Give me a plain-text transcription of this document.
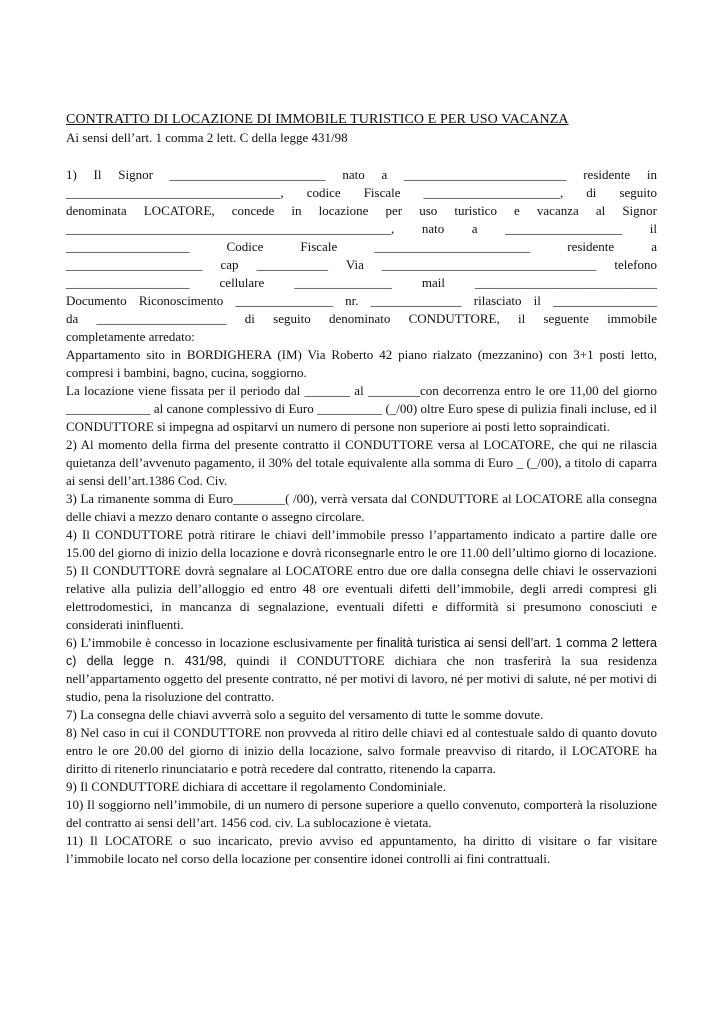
CONTRATTO DI LOCAZIONE DI IMMOBILE TURISTICO E PER USO VACANZA
Ai sensi dell’art. 1 comma 2 lett. C della legge 431/98
1) Il Signor ________________________ nato a _________________________ residente in
_________________________________, codice Fiscale _____________________, di seguito
denominata LOCATORE, concede in locazione per uso turistico e vacanza al Signor
__________________________________________________, nato a __________________ il
___________________ Codice Fiscale ________________________ residente a
_____________________ cap ___________ Via _________________________________ telefono
___________________ cellulare _______________ mail ____________________________
Documento Riconoscimento _______________ nr. ______________ rilasciato il ________________
da ____________________ di seguito denominato CONDUTTORE, il seguente immobile
completamente arredato:
Appartamento sito in BORDIGHERA (IM) Via Roberto 42 piano rialzato (mezzanino) con 3+1 posti letto, compresi i bambini, bagno, cucina, soggiorno.
La locazione viene fissata per il periodo dal _______ al ________con decorrenza entro le ore 11,00 del giorno _____________ al canone complessivo di Euro __________ (_/00) oltre Euro spese di pulizia finali incluse, ed il CONDUTTORE si impegna ad ospitarvi un numero di persone non superiore ai posti letto sopraindicati.
2) Al momento della firma del presente contratto il CONDUTTORE versa al LOCATORE, che qui ne rilascia quietanza dell’avvenuto pagamento, il 30% del totale equivalente alla somma di Euro _ (_/00), a titolo di caparra ai sensi dell’art.1386 Cod. Civ.
3) La rimanente somma di Euro________( /00), verrà versata dal CONDUTTORE al LOCATORE alla consegna delle chiavi a mezzo denaro contante o assegno circolare.
4) Il CONDUTTORE potrà ritirare le chiavi dell’immobile presso l’appartamento indicato a partire dalle ore 15.00 del giorno di inizio della locazione e dovrà riconsegnarle entro le ore 11.00 dell’ultimo giorno di locazione.
5) Il CONDUTTORE dovrà segnalare al LOCATORE entro due ore dalla consegna delle chiavi le osservazioni relative alla pulizia dell’alloggio ed entro 48 ore eventuali difetti dell’immobile, degli arredi compresi gli elettrodomestici, in mancanza di segnalazione, eventuali difetti e difformità si presumono conosciuti e considerati ininfluenti.
6) L’immobile è concesso in locazione esclusivamente per finalità turistica ai sensi dell’art. 1 comma 2 lettera c) della legge n. 431/98, quindi il CONDUTTORE dichiara che non trasferirà la sua residenza nell’appartamento oggetto del presente contratto, né per motivi di lavoro, né per motivi di salute, né per motivi di studio, pena la risoluzione del contratto.
7) La consegna delle chiavi avverrà solo a seguito del versamento di tutte le somme dovute.
8) Nel caso in cui il CONDUTTORE non provveda al ritiro delle chiavi ed al contestuale saldo di quanto dovuto entro le ore 20.00 del giorno di inizio della locazione, salvo formale preavviso di ritardo, il LOCATORE ha diritto di ritenerlo rinunciatario e potrà recedere dal contratto, ritenendo la caparra.
9) Il CONDUTTORE dichiara di accettare il regolamento Condominiale.
10) Il soggiorno nell’immobile, di un numero di persone superiore a quello convenuto, comporterà la risoluzione del contratto ai sensi dell’art. 1456 cod. civ. La sublocazione è vietata.
11) Il LOCATORE o suo incaricato, previo avviso ed appuntamento, ha diritto di visitare o far visitare l’immobile locato nel corso della locazione per consentire idonei controlli ai fini contrattuali.
